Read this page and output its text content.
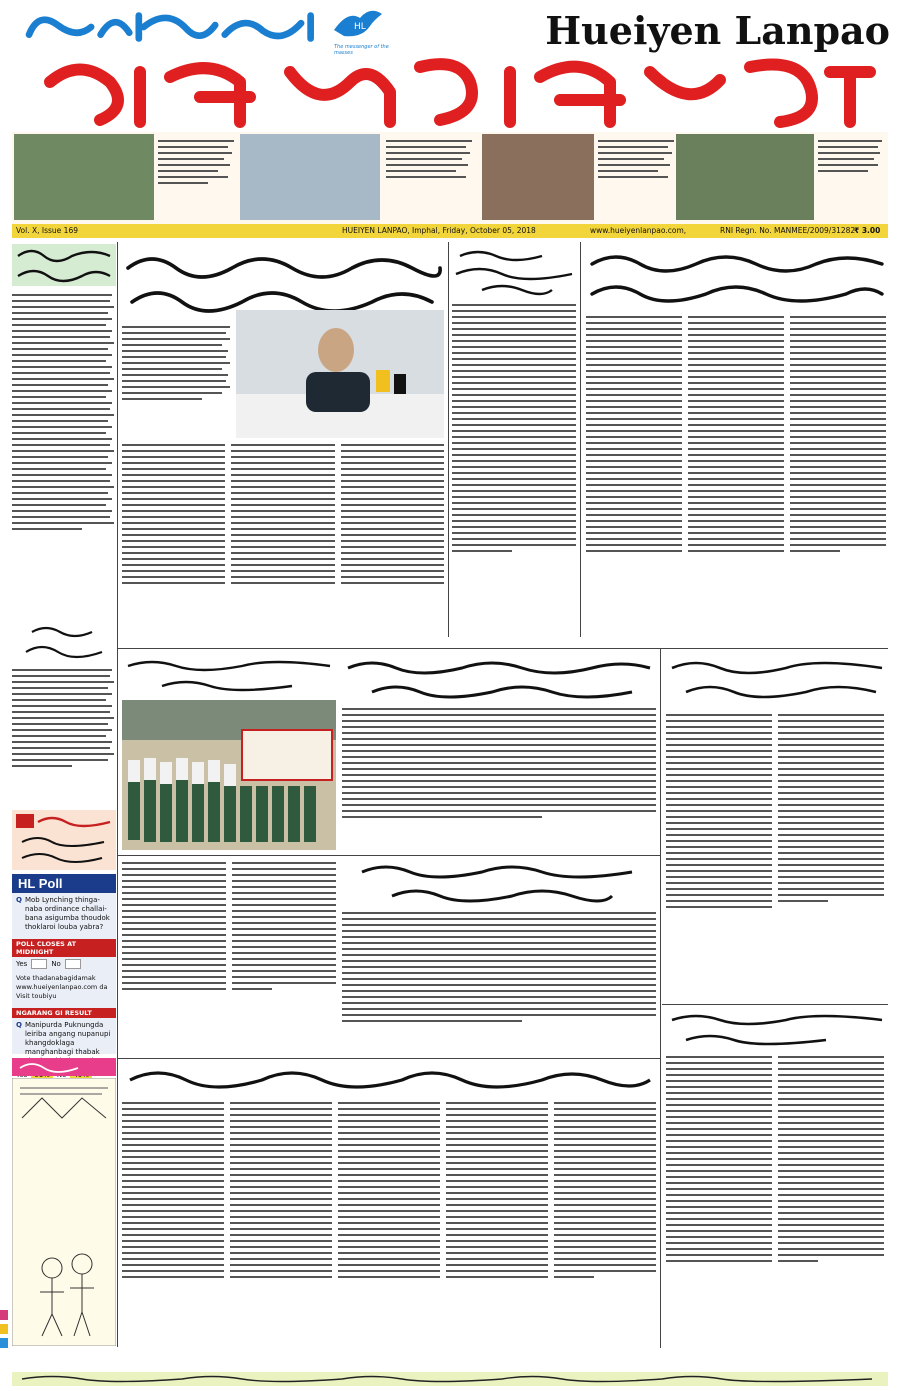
HL
The messenger of the masses	Hueiyen Lanpao
Vol. X, Issue 169	HUEIYEN LANPAO, Imphal, Friday, October 05, 2018	www.hueiyenlanpao.com,	RNI Regn. No. MANMEE/2009/31282
₹ 3.00
HL Poll
Q Mob Lynching thinga-naba ordinance challai-bana asigumba thoudok thoklaroi louba yabra?
POLL CLOSES AT MIDNIGHT
Yes	No
Vote thadanabagidamak www.hueiyenlanpao.com da Visit toubiyu
NGARANG GI RESULT
Q Manipurda Puknungda leiriba angang nupanupi khangdoklaga manghanbagi thabak
